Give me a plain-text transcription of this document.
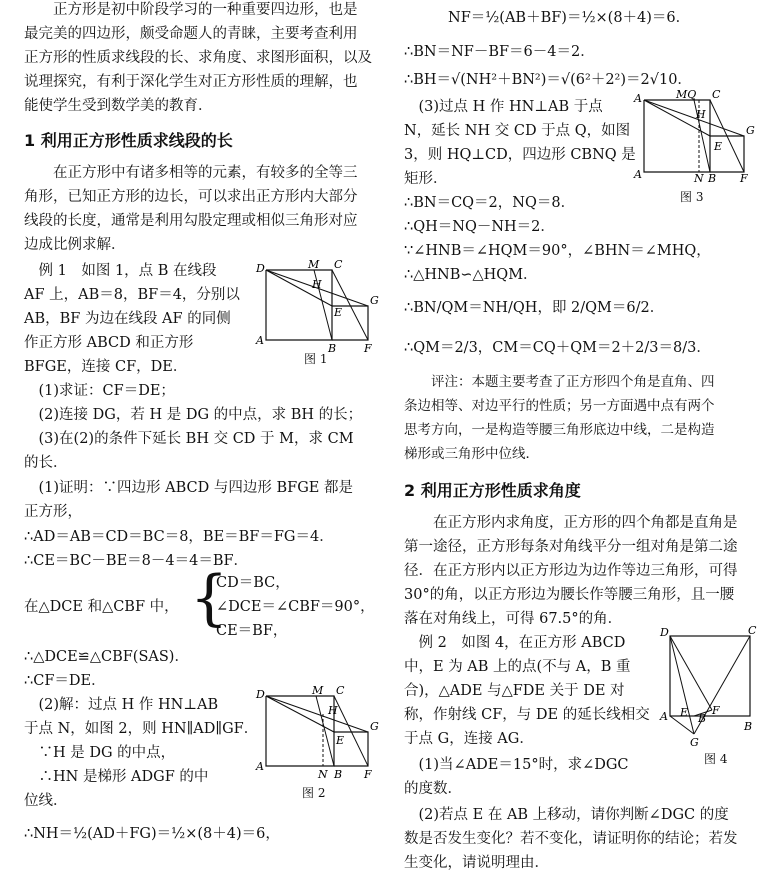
　　正方形是初中阶段学习的一种重要四边形，也是
最完美的四边形，颇受命题人的青睐，主要考查利用
正方形的性质求线段的长、求角度、求图形面积，以及
说理探究，有利于深化学生对正方形性质的理解，也
能使学生受到数学美的教育．
1 利用正方形性质求线段的长
　　在正方形中有诸多相等的元素，有较多的全等三
角形，已知正方形的边长，可以求出正方形内大部分
线段的长度，通常是利用勾股定理或相似三角形对应
边成比例求解．
　例 1　如图 1，点 B 在线段
AF 上，AB＝8，BF＝4，分别以
AB，BF 为边在线段 AF 的同侧
作正方形 ABCD 和正方形
BFGE，连接 CF，DE．
　(1)求证：CF＝DE；
　(2)连接 DG，若 H 是 DG 的中点，求 BH 的长；
　(3)在(2)的条件下延长 BH 交 CD 于 M，求 CM
的长．
　(1)证明：∵四边形 ABCD 与四边形 BFGE 都是
正方形，
∴AD＝AB＝CD＝BC＝8，BE＝BF＝FG＝4．
∴CE＝BC－BE＝8－4＝4＝BF．
在△DCE 和△CBF 中， {
CD＝BC，
∠DCE＝∠CBF＝90°，
CE＝BF，
∴△DCE≌△CBF(SAS)．
∴CF＝DE．
　(2)解：过点 H 作 HN⊥AB
于点 N，如图 2，则 HN∥AD∥GF．
　∵H 是 DG 的中点，
　∴HN 是梯形 ADGF 的中
位线．
∴NH＝½(AD＋FG)＝½×(8＋4)＝6，
D	M C
H
E
G
A
B	F
图 1
D	M C
H
E
G
A
N B F
图 2
NF＝½(AB＋BF)＝½×(8＋4)＝6．
∴BN＝NF－BF＝6－4＝2．
∴BH＝√(NH²＋BN²)＝√(6²＋2²)＝2√10．
　(3)过点 H 作 HN⊥AB 于点
N，延长 NH 交 CD 于点 Q，如图
3，则 HQ⊥CD，四边形 CBNQ 是
矩形．
∴BN＝CQ＝2，NQ＝8．
∴QH＝NQ－NH＝2．
∵∠HNB＝∠HQM＝90°，∠BHN＝∠MHQ，
∴△HNB∽△HQM．
∴BN/QM＝NH/QH，即 2/QM＝6/2．
∴QM＝2/3，CM＝CQ＋QM＝2＋2/3＝8/3．
　　评注：本题主要考查了正方形四个角是直角、四
条边相等、对边平行的性质；另一方面遇中点有两个
思考方向，一是构造等腰三角形底边中线，二是构造
梯形或三角形中位线．
2 利用正方形性质求角度
　　在正方形内求角度，正方形的四个角都是直角是
第一途径，正方形每条对角线平分一组对角是第二途
径．在正方形内以正方形边为边作等边三角形，可得
30°的角，以正方形边为腰长作等腰三角形，且一腰
落在对角线上，可得 67.5°的角．
　例 2　如图 4，在正方形 ABCD
中，E 为 AB 上的点(不与 A，B 重
合)，△ADE 与△FDE 关于 DE 对
称，作射线 CF，与 DE 的延长线相交
于点 G，连接 AG．
　(1)当∠ADE＝15°时，求∠DGC
的度数．
　(2)若点 E 在 AB 上移动，请你判断∠DGC 的度
数是否发生变化？若不变化，请证明你的结论；若发
生变化，请说明理由．
A	MQ C
H
E
G
A	N B F
图 3
D	C
E F
A	B
B
G
图 4
